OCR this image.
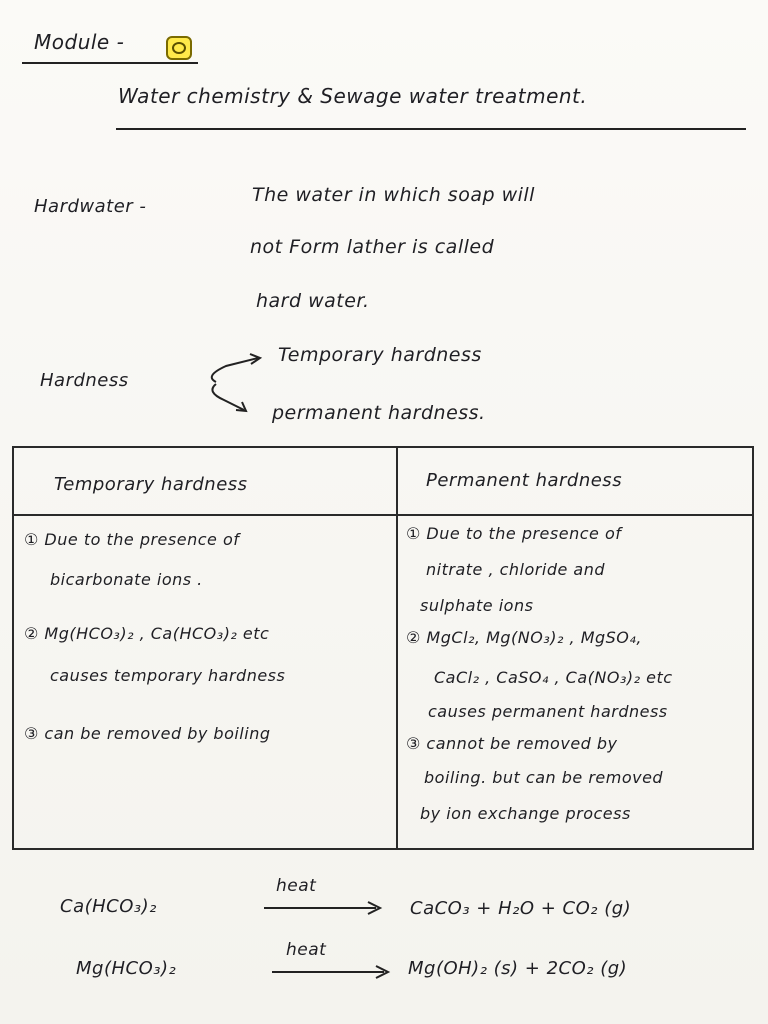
Module -
Water chemistry & Sewage water treatment.
Hardwater -
The water in which soap will
not Form lather is called
hard water.
Hardness
Temporary hardness
permanent hardness.
Temporary hardness	Permanent hardness
① Due to the presence of
bicarbonate ions .
② Mg(HCO₃)₂ , Ca(HCO₃)₂ etc
causes temporary hardness
③ can be removed by boiling
① Due to the presence of
nitrate , chloride and
sulphate ions
② MgCl₂, Mg(NO₃)₂ , MgSO₄,
CaCl₂ , CaSO₄ , Ca(NO₃)₂ etc
causes permanent hardness
③ cannot be removed by
boiling. but can be removed
by ion exchange process
Ca(HCO₃)₂
heat
CaCO₃ + H₂O + CO₂ (g)
Mg(HCO₃)₂
heat
Mg(OH)₂ (s) + 2CO₂ (g)
